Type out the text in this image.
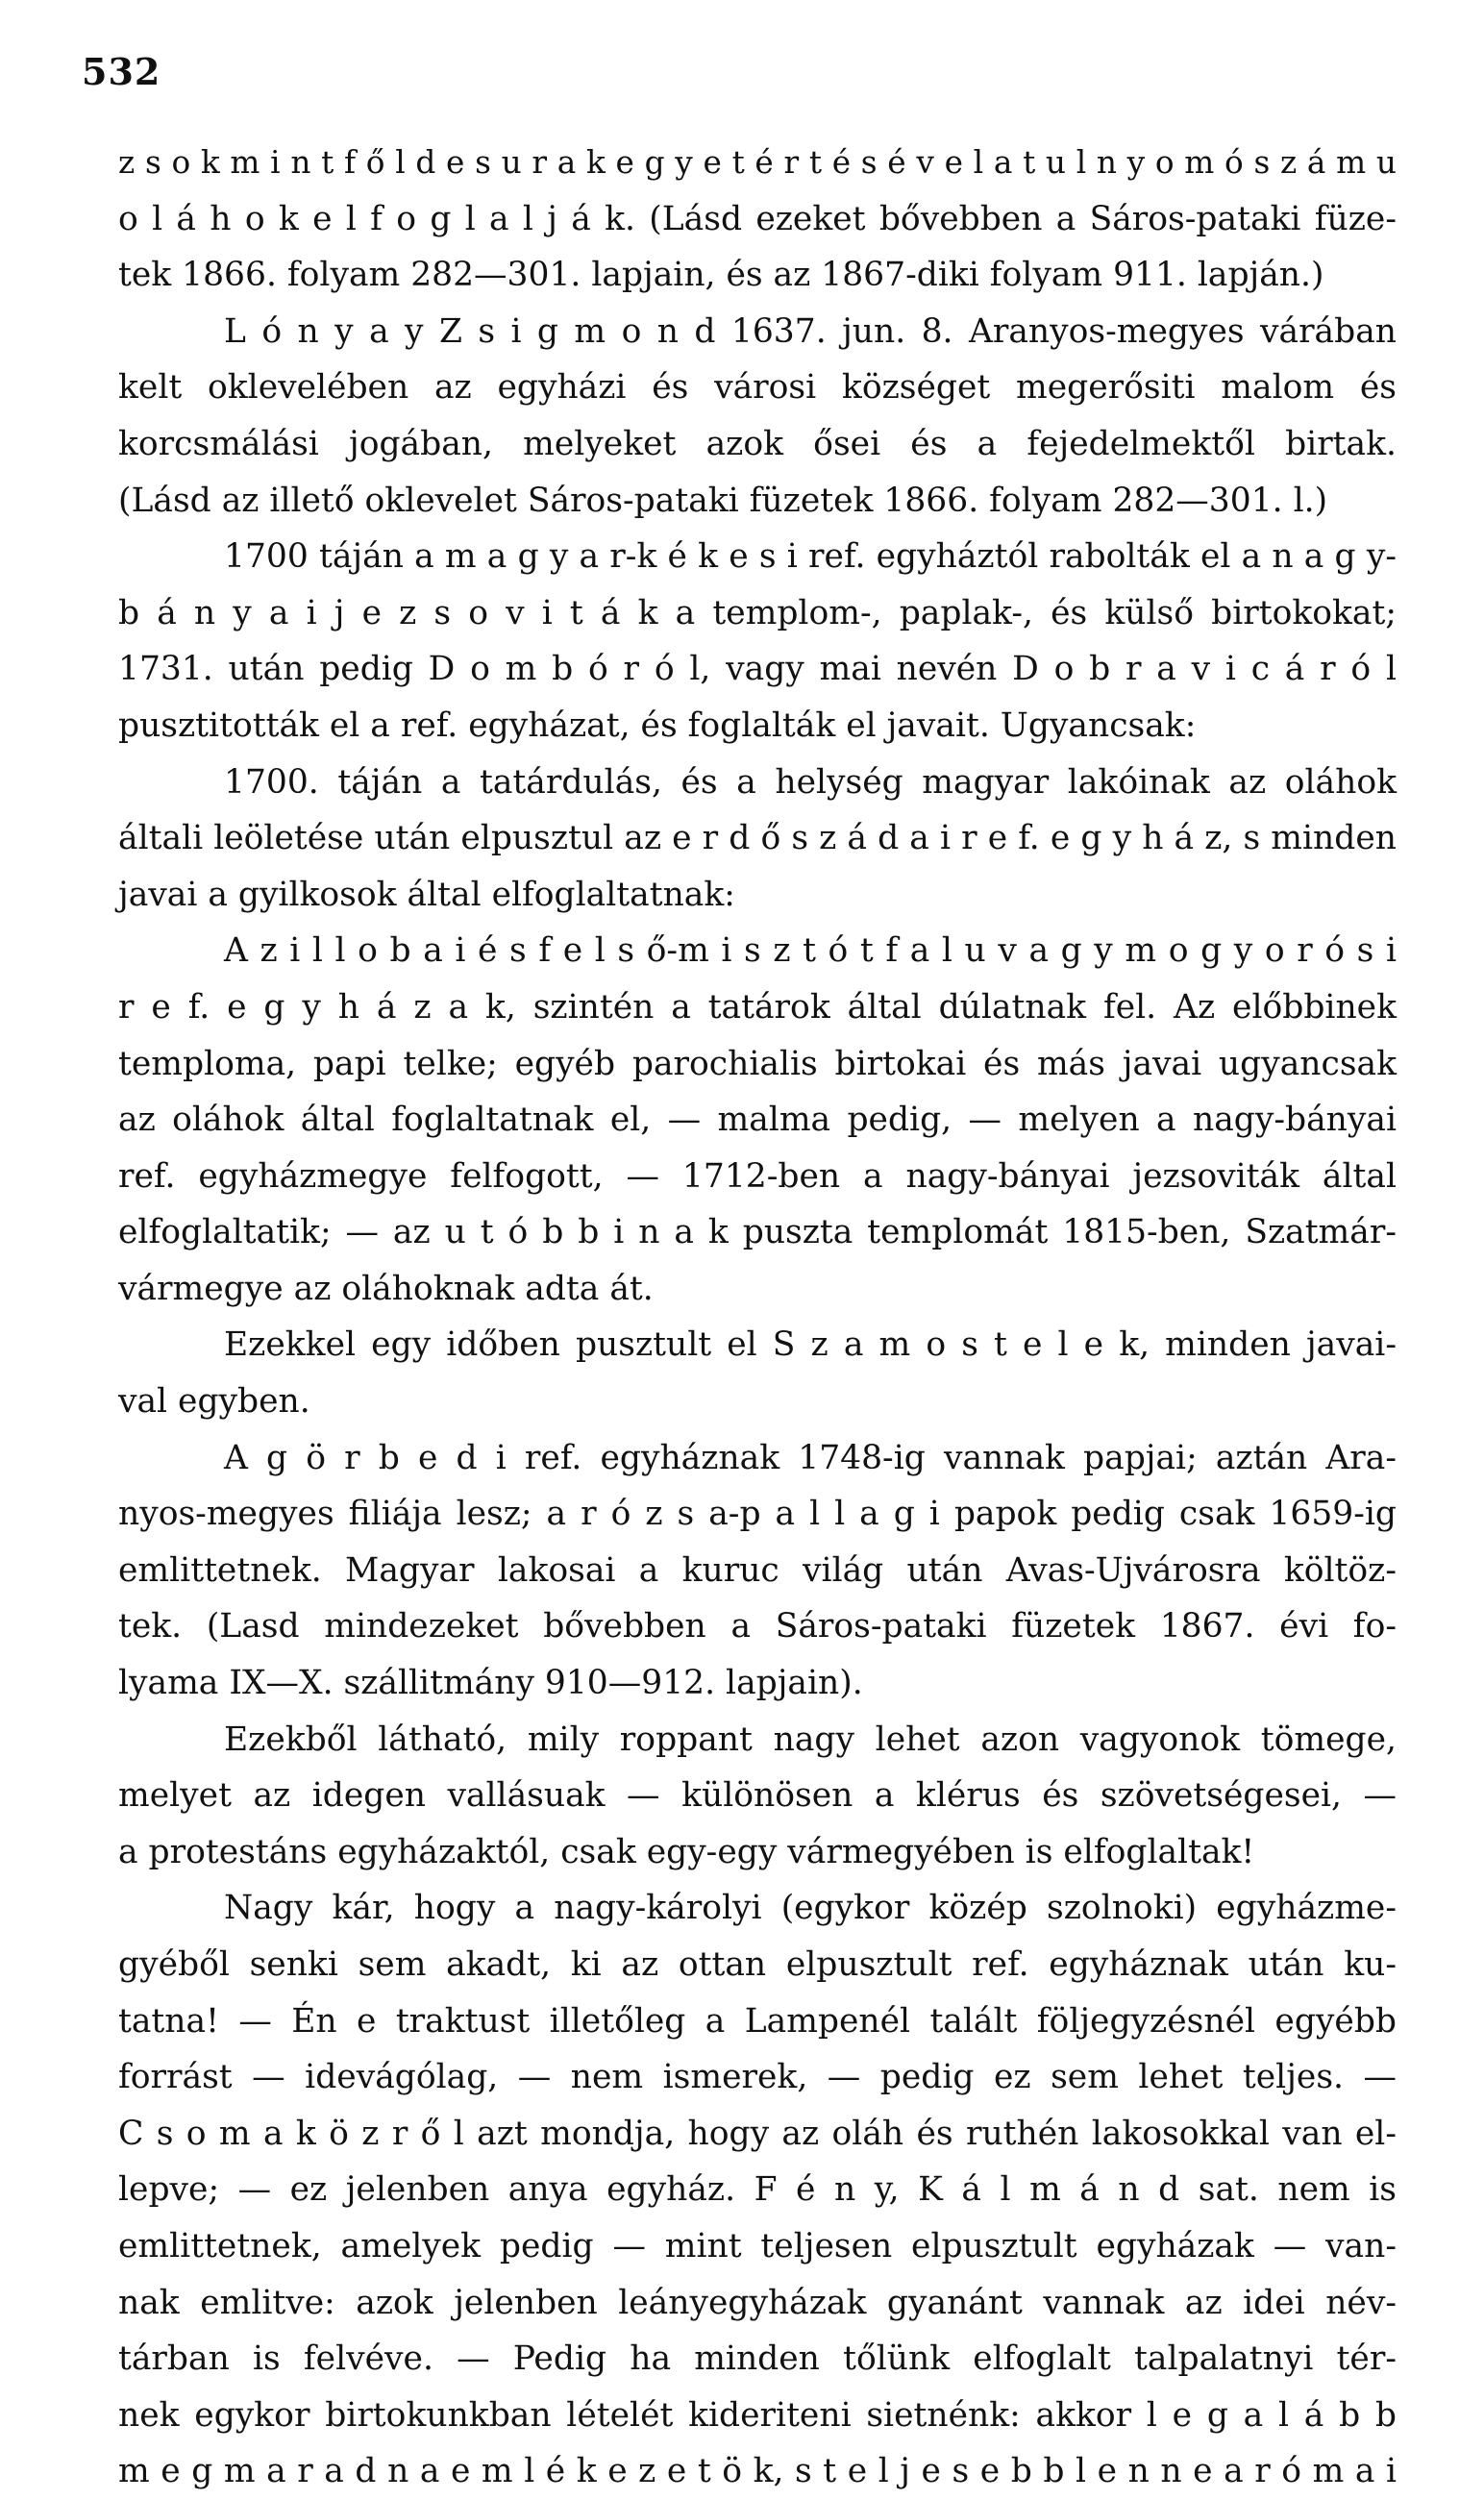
532

z s o k m i n t f ő l d e s u r a k e g y e t é r t é s é v e l a t u l n y o m ó s z á m u
o l á h o k e l f o g l a l j á k. (Lásd ezeket bővebben a Sáros-pataki füze-
tek 1866. folyam 282—301. lapjain, és az 1867-diki folyam 911. lapján.)
L ó n y a y Z s i g m o n d 1637. jun. 8. Aranyos-megyes várában
kelt oklevelében az egyházi és városi községet megerősiti malom és
korcsmálási jogában, melyeket azok ősei és a fejedelmektől birtak.
(Lásd az illető oklevelet Sáros-pataki füzetek 1866. folyam 282—301. l.)
1700 táján a m a g y a r-k é k e s i ref. egyháztól rabolták el a n a g y-
b á n y a i j e z s o v i t á k a templom-, paplak-, és külső birtokokat;
1731. után pedig D o m b ó r ó l, vagy mai nevén D o b r a v i c á r ó l
pusztitották el a ref. egyházat, és foglalták el javait. Ugyancsak:
1700. táján a tatárdulás, és a helység magyar lakóinak az oláhok
általi leöletése után elpusztul az e r d ő s z á d a i r e f. e g y h á z, s minden
javai a gyilkosok által elfoglaltatnak:
A z i l l o b a i é s f e l s ő-m i s z t ó t f a l u v a g y m o g y o r ó s i
r e f. e g y h á z a k, szintén a tatárok által dúlatnak fel. Az előbbinek
temploma, papi telke; egyéb parochialis birtokai és más javai ugyancsak
az oláhok által foglaltatnak el, — malma pedig, — melyen a nagy-bányai
ref. egyházmegye felfogott, — 1712-ben a nagy-bányai jezsoviták által
elfoglaltatik; — az u t ó b b i n a k puszta templomát 1815-ben, Szatmár-
vármegye az oláhoknak adta át.
Ezekkel egy időben pusztult el S z a m o s t e l e k, minden javai-
val egyben.
A g ö r b e d i ref. egyháznak 1748-ig vannak papjai; aztán Ara-
nyos-megyes filiája lesz; a r ó z s a-p a l l a g i papok pedig csak 1659-ig
emlittetnek. Magyar lakosai a kuruc világ után Avas-Ujvárosra költöz-
tek. (Lasd mindezeket bővebben a Sáros-pataki füzetek 1867. évi fo-
lyama IX—X. szállitmány 910—912. lapjain).
Ezekből látható, mily roppant nagy lehet azon vagyonok tömege,
melyet az idegen vallásuak — különösen a klérus és szövetségesei, —
a protestáns egyházaktól, csak egy-egy vármegyében is elfoglaltak!
Nagy kár, hogy a nagy-károlyi (egykor közép szolnoki) egyházme-
gyéből senki sem akadt, ki az ottan elpusztult ref. egyháznak után ku-
tatna! — Én e traktust illetőleg a Lampenél talált följegyzésnél egyébb
forrást — idevágólag, — nem ismerek, — pedig ez sem lehet teljes. —
C s o m a k ö z r ő l azt mondja, hogy az oláh és ruthén lakosokkal van el-
lepve; — ez jelenben anya egyház. F é n y, K á l m á n d sat. nem is
emlittetnek, amelyek pedig — mint teljesen elpusztult egyházak — van-
nak emlitve: azok jelenben leányegyházak gyanánt vannak az idei név-
tárban is felvéve. — Pedig ha minden tőlünk elfoglalt talpalatnyi tér-
nek egykor birtokunkban lételét kideriteni sietnénk: akkor l e g a l á b b
m e g m a r a d n a e m l é k e z e t ö k, s t e l j e s e b b l e n n e a r ó m a i
